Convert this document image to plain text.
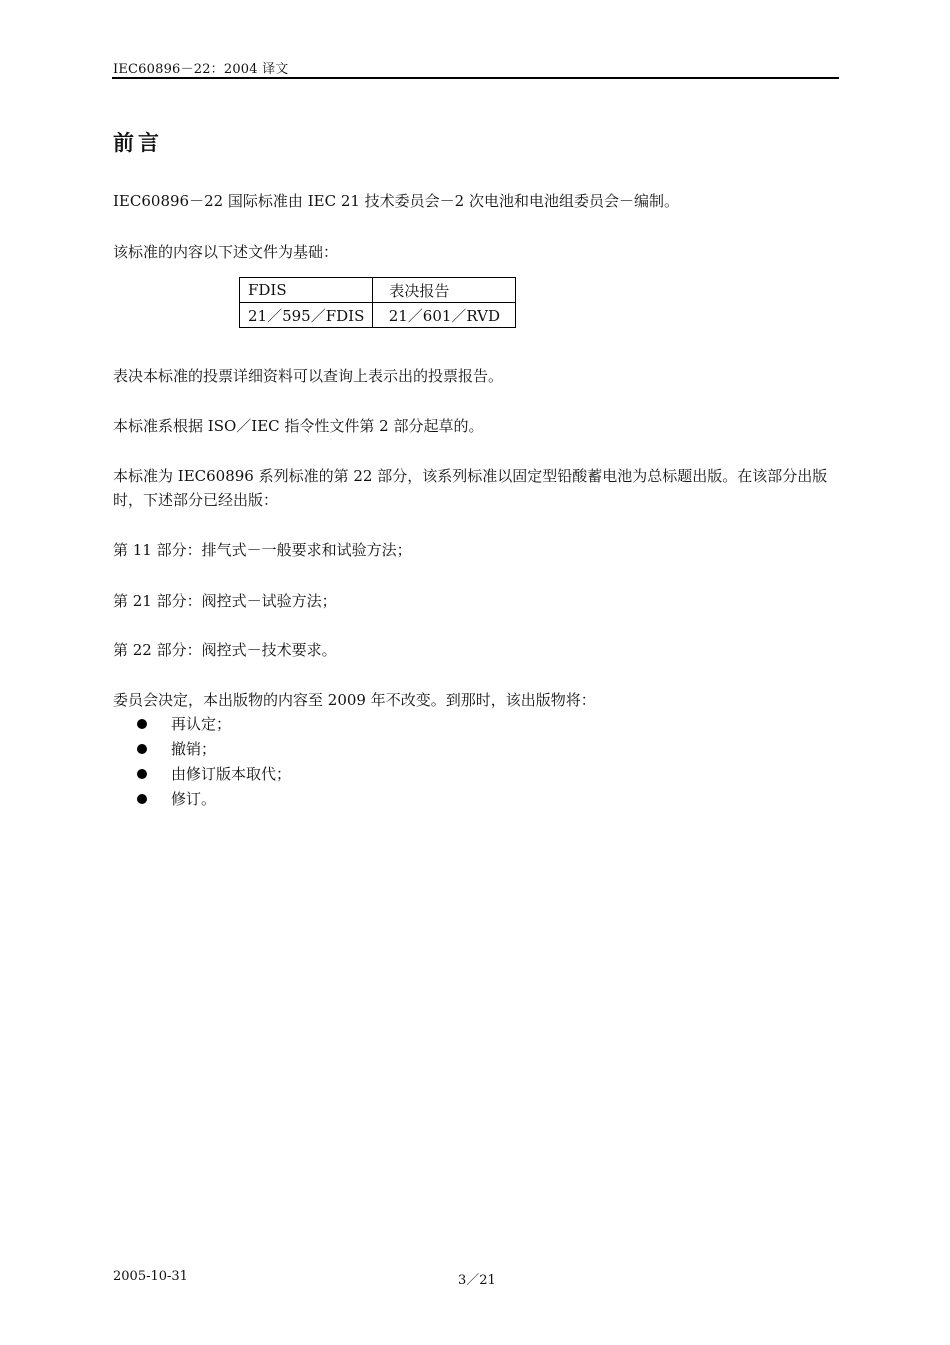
IEC60896－22：2004 译文
前言

IEC60896－22 国际标准由 IEC 21 技术委员会－2 次电池和电池组委员会－编制。

该标准的内容以下述文件为基础：

FDIS	表决报告
21／595／FDIS	21／601／RVD

表决本标准的投票详细资料可以查询上表示出的投票报告。

本标准系根据 ISO／IEC 指令性文件第 2 部分起草的。

本标准为 IEC60896 系列标准的第 22 部分，该系列标准以固定型铅酸蓄电池为总标题出版。在该部分出版时，下述部分已经出版：

第 11 部分：排气式－一般要求和试验方法；

第 21 部分：阀控式－试验方法；

第 22 部分：阀控式－技术要求。

委员会决定，本出版物的内容至 2009 年不改变。到那时，该出版物将：

再认定；
撤销；
由修订版本取代；
修订。
2005-10-31	3／21
